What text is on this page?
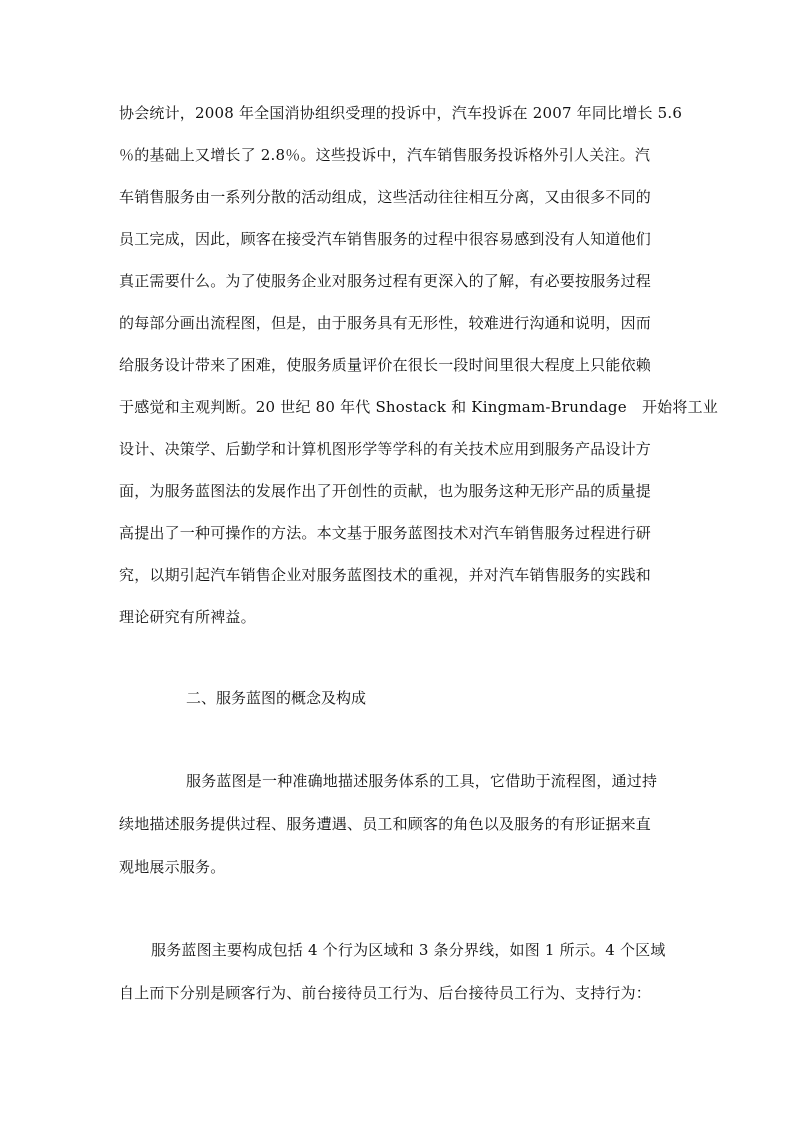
协会统计，2008 年全国消协组织受理的投诉中，汽车投诉在 2007 年同比增长 5.6
％的基础上又增长了 2.8％。这些投诉中，汽车销售服务投诉格外引人关注。汽
车销售服务由一系列分散的活动组成，这些活动往往相互分离，又由很多不同的
员工完成，因此，顾客在接受汽车销售服务的过程中很容易感到没有人知道他们
真正需要什么。为了使服务企业对服务过程有更深入的了解，有必要按服务过程
的每部分画出流程图，但是，由于服务具有无形性，较难进行沟通和说明，因而
给服务设计带来了困难，使服务质量评价在很长一段时间里很大程度上只能依赖
于感觉和主观判断。20 世纪 80 年代 Shostack 和 Kingmam-Brundage　开始将工业
设计、决策学、后勤学和计算机图形学等学科的有关技术应用到服务产品设计方
面，为服务蓝图法的发展作出了开创性的贡献，也为服务这种无形产品的质量提
高提出了一种可操作的方法。本文基于服务蓝图技术对汽车销售服务过程进行研
究，以期引起汽车销售企业对服务蓝图技术的重视，并对汽车销售服务的实践和
理论研究有所裨益。
二、服务蓝图的概念及构成
服务蓝图是一种准确地描述服务体系的工具，它借助于流程图，通过持
续地描述服务提供过程、服务遭遇、员工和顾客的角色以及服务的有形证据来直
观地展示服务。
服务蓝图主要构成包括 4 个行为区域和 3 条分界线，如图 1 所示。4 个区域
自上而下分别是顾客行为、前台接待员工行为、后台接待员工行为、支持行为：
